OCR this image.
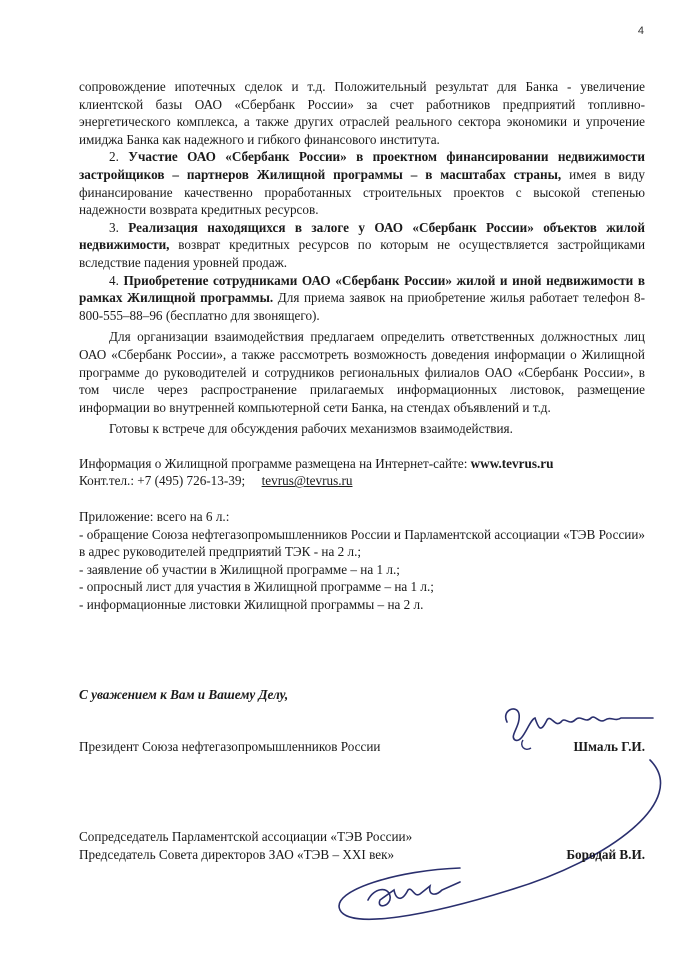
4

сопровождение ипотечных сделок и т.д. Положительный результат для Банка - увеличение клиентской базы ОАО «Сбербанк России» за счет работников предприятий топливно-энергетического комплекса, а также других отраслей реального сектора экономики и упрочение имиджа Банка как надежного и гибкого финансового института.

2. Участие ОАО «Сбербанк России» в проектном финансировании недвижимости застройщиков – партнеров Жилищной программы – в масштабах страны, имея в виду финансирование качественно проработанных строительных проектов с высокой степенью надежности возврата кредитных ресурсов.

3. Реализация находящихся в залоге у ОАО «Сбербанк России» объектов жилой недвижимости, возврат кредитных ресурсов по которым не осуществляется застройщиками вследствие падения уровней продаж.

4. Приобретение сотрудниками ОАО «Сбербанк России» жилой и иной недвижимости в рамках Жилищной программы. Для приема заявок на приобретение жилья работает телефон 8-800-555–88–96 (бесплатно для звонящего).

Для организации взаимодействия предлагаем определить ответственных должностных лиц ОАО «Сбербанк России», а также рассмотреть возможность доведения информации о Жилищной программе до руководителей и сотрудников региональных филиалов ОАО «Сбербанк России», в том числе через распространение прилагаемых информационных листовок, размещение информации во внутренней компьютерной сети Банка, на стендах объявлений и т.д.

Готовы к встрече для обсуждения рабочих механизмов взаимодействия.

Информация о Жилищной программе размещена на Интернет-сайте: www.tevrus.ru

Конт.тел.: +7 (495) 726-13-39; tevrus@tevrus.ru

Приложение: всего на 6 л.:

- обращение Союза нефтегазопромышленников России и Парламентской ассоциации «ТЭВ России» в адрес руководителей предприятий ТЭК - на 2 л.;

- заявление об участии в Жилищной программе – на 1 л.;

- опросный лист для участия в Жилищной программе – на 1 л.;

- информационные листовки Жилищной программы – на 2 л.

С уважением к Вам и Вашему Делу,
Президент Союза нефтегазопромышленников России	Шмаль Г.И.
Сопредседатель Парламентской ассоциации «ТЭВ России»
Председатель Совета директоров ЗАО «ТЭВ – XXI век»	Бородай В.И.
